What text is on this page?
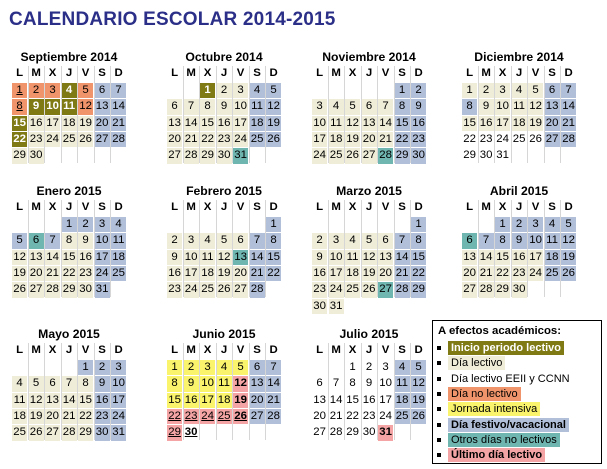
CALENDARIO ESCOLAR 2014-2015
Septiembre 2014
L M X J V S D
1 2 3 4 5 6 7
8 9 10 11 12 13 14
15 16 17 18 19 20 21
22 23 24 25 26 27 28
29 30
Octubre 2014
L M X J V S D
1 2 3 4 5
6 7 8 9 10 11 12
13 14 15 16 17 18 19
20 21 22 23 24 25 26
27 28 29 30 31
Noviembre 2014
L M X J V S D
1 2
3 4 5 6 7 8 9
10 11 12 13 14 15 16
17 18 19 20 21 22 23
24 25 26 27 28 29 30
Diciembre 2014
L M X J V S D
1 2 3 4 5 6 7
8 9 10 11 12 13 14
15 16 17 18 19 20 21
22 23 24 25 26 27 28
29 30 31
Enero 2015
L M X J V S D
1 2 3 4
5 6 7 8 9 10 11
12 13 14 15 16 17 18
19 20 21 22 23 24 25
26 27 28 29 30 31
Febrero 2015
L M X J V S D
1
2 3 4 5 6 7 8
9 10 11 12 13 14 15
16 17 18 19 20 21 22
23 24 25 26 27 28
Marzo 2015
L M X J V S D
1
2 3 4 5 6 7 8
9 10 11 12 13 14 15
16 17 18 19 20 21 22
23 24 25 26 27 28 29
30 31
Abril 2015
L M X J V S D
1 2 3 4 5
6 7 8 9 10 11 12
13 14 15 16 17 18 19
20 21 22 23 24 25 26
27 28 29 30
Mayo 2015
L M X J V S D
1 2 3
4 5 6 7 8 9 10
11 12 13 14 15 16 17
18 19 20 21 22 23 24
25 26 27 28 29 30 31
Junio 2015
L M X J V S D
1 2 3 4 5 6 7
8 9 10 11 12 13 14
15 16 17 18 19 20 21
22 23 24 25 26 27 28
29 30
Julio 2015
L M X J V S D
1 2 3 4 5
6 7 8 9 10 11 12
13 14 15 16 17 18 19
20 21 22 23 24 25 26
27 28 29 30 31
A efectos académicos:
Inicio periodo lectivo
Día lectivo
Día lectivo EEII y CCNN
Día no lectivo
Jornada intensiva
Día festivo/vacacional
Otros días no lectivos
Último día lectivo
